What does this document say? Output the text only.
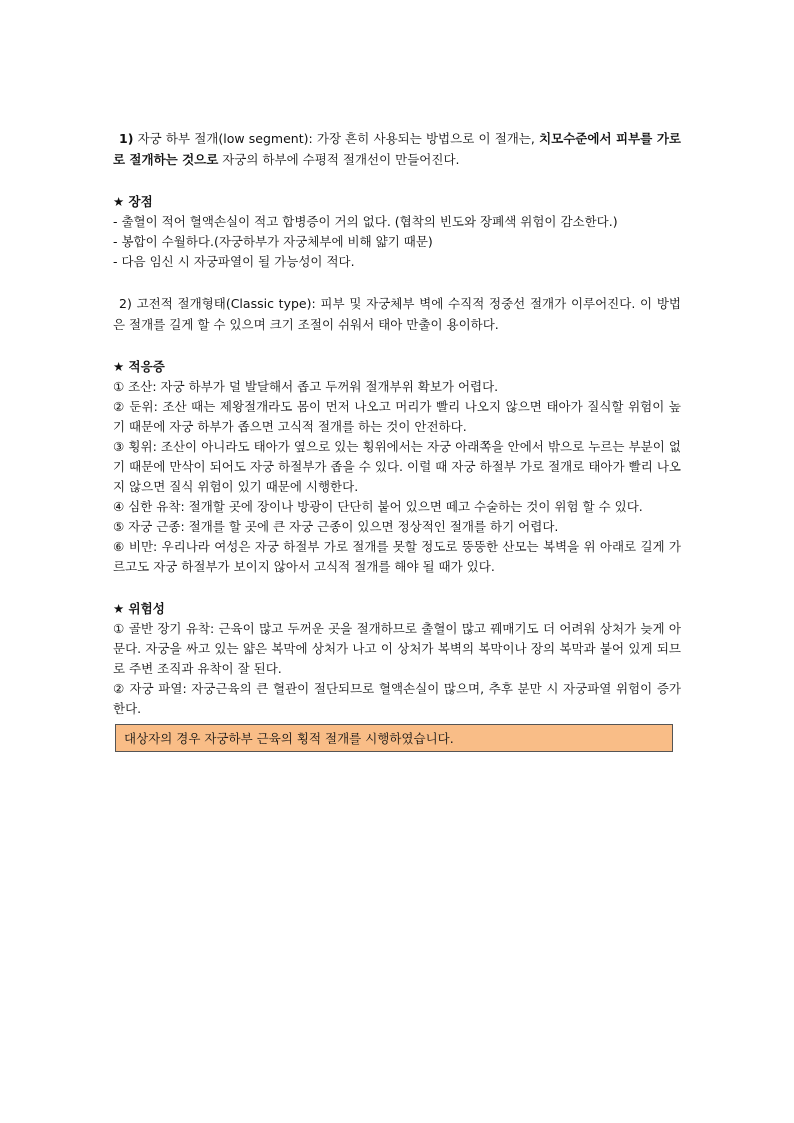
1) 자궁 하부 절개(low segment): 가장 흔히 사용되는 방법으로 이 절개는, 치모수준에서 피부를 가로로 절개하는 것으로 자궁의 하부에 수평적 절개선이 만들어진다.

★ 장점

- 출혈이 적어 혈액손실이 적고 합병증이 거의 없다. (협착의 빈도와 장폐색 위험이 감소한다.)

- 봉합이 수월하다.(자궁하부가 자궁체부에 비해 얇기 때문)

- 다음 임신 시 자궁파열이 될 가능성이 적다.

2) 고전적 절개형태(Classic type): 피부 및 자궁체부 벽에 수직적 정중선 절개가 이루어진다. 이 방법은 절개를 길게 할 수 있으며 크기 조절이 쉬워서 태아 만출이 용이하다.

★ 적응증

① 조산: 자궁 하부가 덜 발달해서 좁고 두꺼워 절개부위 확보가 어렵다.

② 둔위: 조산 때는 제왕절개라도 몸이 먼저 나오고 머리가 빨리 나오지 않으면 태아가 질식할 위험이 높기 때문에 자궁 하부가 좁으면 고식적 절개를 하는 것이 안전하다.

③ 횡위: 조산이 아니라도 태아가 옆으로 있는 횡위에서는 자궁 아래쪽을 안에서 밖으로 누르는 부분이 없기 때문에 만삭이 되어도 자궁 하절부가 좁을 수 있다. 이럴 때 자궁 하절부 가로 절개로 태아가 빨리 나오지 않으면 질식 위험이 있기 때문에 시행한다.

④ 심한 유착: 절개할 곳에 장이나 방광이 단단히 붙어 있으면 떼고 수술하는 것이 위험 할 수 있다.

⑤ 자궁 근종: 절개를 할 곳에 큰 자궁 근종이 있으면 정상적인 절개를 하기 어렵다.

⑥ 비만: 우리나라 여성은 자궁 하절부 가로 절개를 못할 정도로 뚱뚱한 산모는 복벽을 위 아래로 길게 가르고도 자궁 하절부가 보이지 않아서 고식적 절개를 해야 될 때가 있다.

★ 위험성

① 골반 장기 유착: 근육이 많고 두꺼운 곳을 절개하므로 출혈이 많고 꿰매기도 더 어려워 상처가 늦게 아문다. 자궁을 싸고 있는 얇은 복막에 상처가 나고 이 상처가 복벽의 복막이나 장의 복막과 붙어 있게 되므로 주변 조직과 유착이 잘 된다.

② 자궁 파열: 자궁근육의 큰 혈관이 절단되므로 혈액손실이 많으며, 추후 분만 시 자궁파열 위험이 증가한다.

대상자의 경우 자궁하부 근육의 횡적 절개를 시행하였습니다.
